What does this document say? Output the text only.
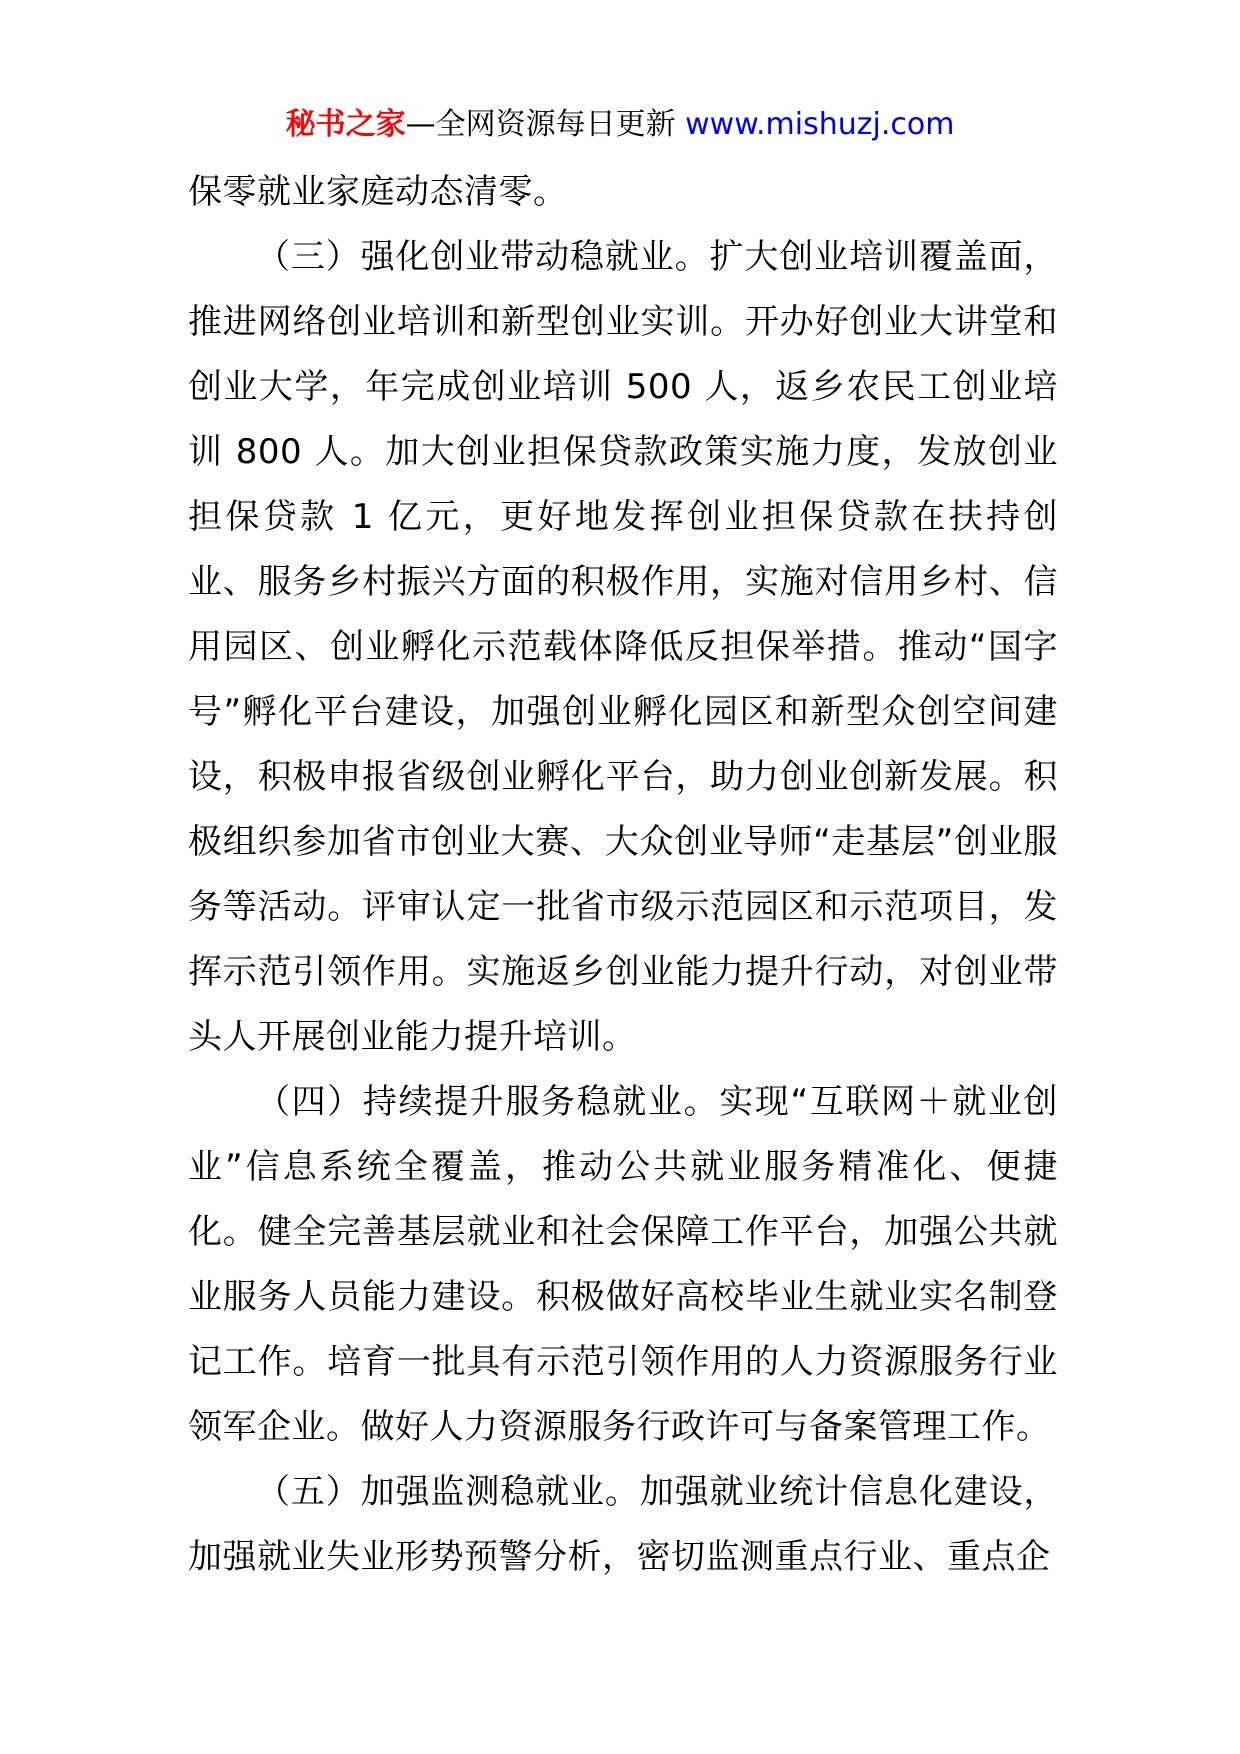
秘书之家—全网资源每日更新 www.mishuzj.com

保零就业家庭动态清零。

（三）强化创业带动稳就业。扩大创业培训覆盖面，推进网络创业培训和新型创业实训。开办好创业大讲堂和创业大学，年完成创业培训 500 人，返乡农民工创业培训 800 人。加大创业担保贷款政策实施力度，发放创业担保贷款 1 亿元，更好地发挥创业担保贷款在扶持创业、服务乡村振兴方面的积极作用，实施对信用乡村、信用园区、创业孵化示范载体降低反担保举措。推动“国字号”孵化平台建设，加强创业孵化园区和新型众创空间建设，积极申报省级创业孵化平台，助力创业创新发展。积极组织参加省市创业大赛、大众创业导师“走基层”创业服务等活动。评审认定一批省市级示范园区和示范项目，发挥示范引领作用。实施返乡创业能力提升行动，对创业带头人开展创业能力提升培训。

（四）持续提升服务稳就业。实现“互联网＋就业创业”信息系统全覆盖，推动公共就业服务精准化、便捷化。健全完善基层就业和社会保障工作平台，加强公共就业服务人员能力建设。积极做好高校毕业生就业实名制登记工作。培育一批具有示范引领作用的人力资源服务行业领军企业。做好人力资源服务行政许可与备案管理工作。

（五）加强监测稳就业。加强就业统计信息化建设，加强就业失业形势预警分析，密切监测重点行业、重点企
